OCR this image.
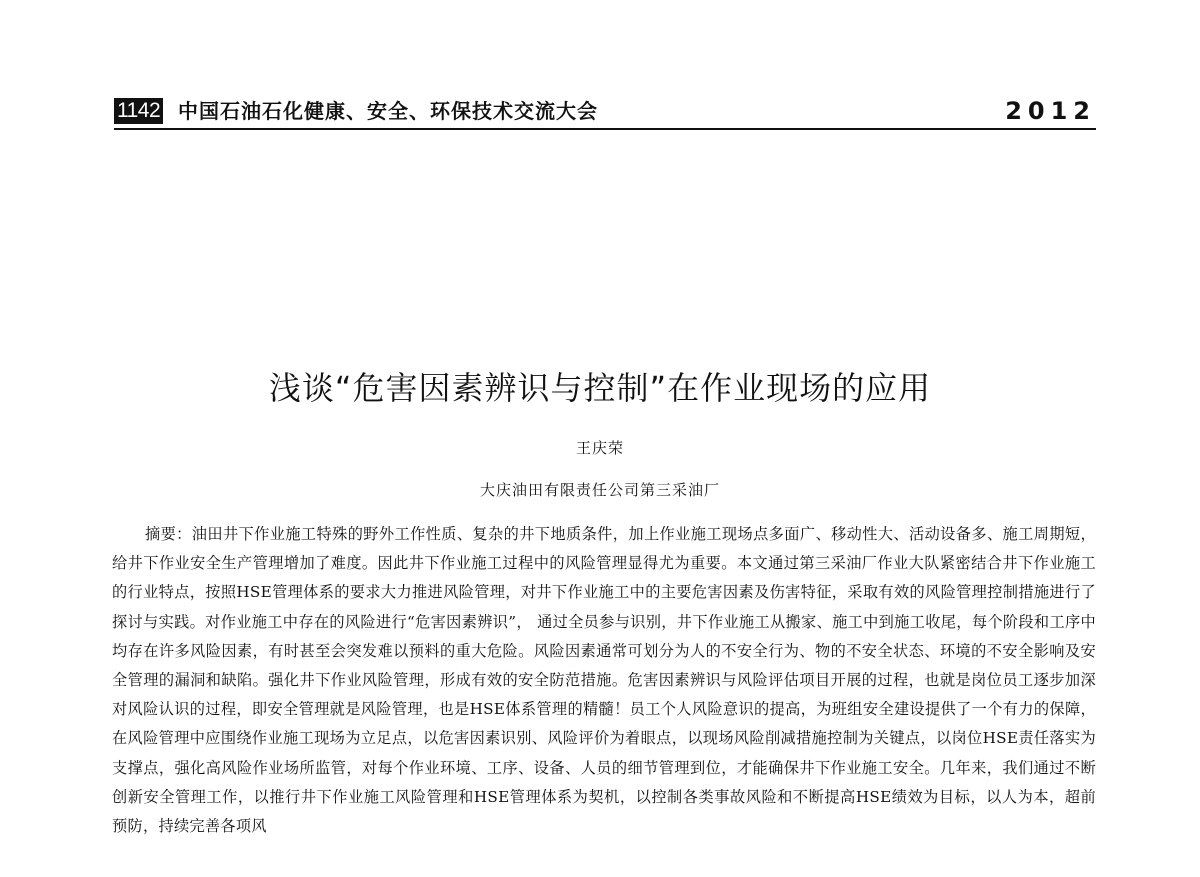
1142 中国石油石化健康、安全、环保技术交流大会	2012
浅谈“危害因素辨识与控制”在作业现场的应用
王庆荣
大庆油田有限责任公司第三采油厂

摘要：油田井下作业施工特殊的野外工作性质、复杂的井下地质条件，加上作业施工现场点多面广、移动性大、活动设备多、施工周期短，给井下作业安全生产管理增加了难度。因此井下作业施工过程中的风险管理显得尤为重要。本文通过第三采油厂作业大队紧密结合井下作业施工的行业特点，按照HSE管理体系的要求大力推进风险管理，对井下作业施工中的主要危害因素及伤害特征，采取有效的风险管理控制措施进行了探讨与实践。对作业施工中存在的风险进行“危害因素辨识”， 通过全员参与识别，井下作业施工从搬家、施工中到施工收尾，每个阶段和工序中均存在许多风险因素，有时甚至会突发难以预料的重大危险。风险因素通常可划分为人的不安全行为、物的不安全状态、环境的不安全影响及安全管理的漏洞和缺陷。强化井下作业风险管理，形成有效的安全防范措施。危害因素辨识与风险评估项目开展的过程，也就是岗位员工逐步加深对风险认识的过程，即安全管理就是风险管理，也是HSE体系管理的精髓！员工个人风险意识的提高，为班组安全建设提供了一个有力的保障，在风险管理中应围绕作业施工现场为立足点，以危害因素识别、风险评价为着眼点，以现场风险削减措施控制为关键点，以岗位HSE责任落实为支撑点，强化高风险作业场所监管，对每个作业环境、工序、设备、人员的细节管理到位，才能确保井下作业施工安全。几年来，我们通过不断创新安全管理工作，以推行井下作业施工风险管理和HSE管理体系为契机，以控制各类事故风险和不断提高HSE绩效为目标，以人为本，超前预防，持续完善各项风
